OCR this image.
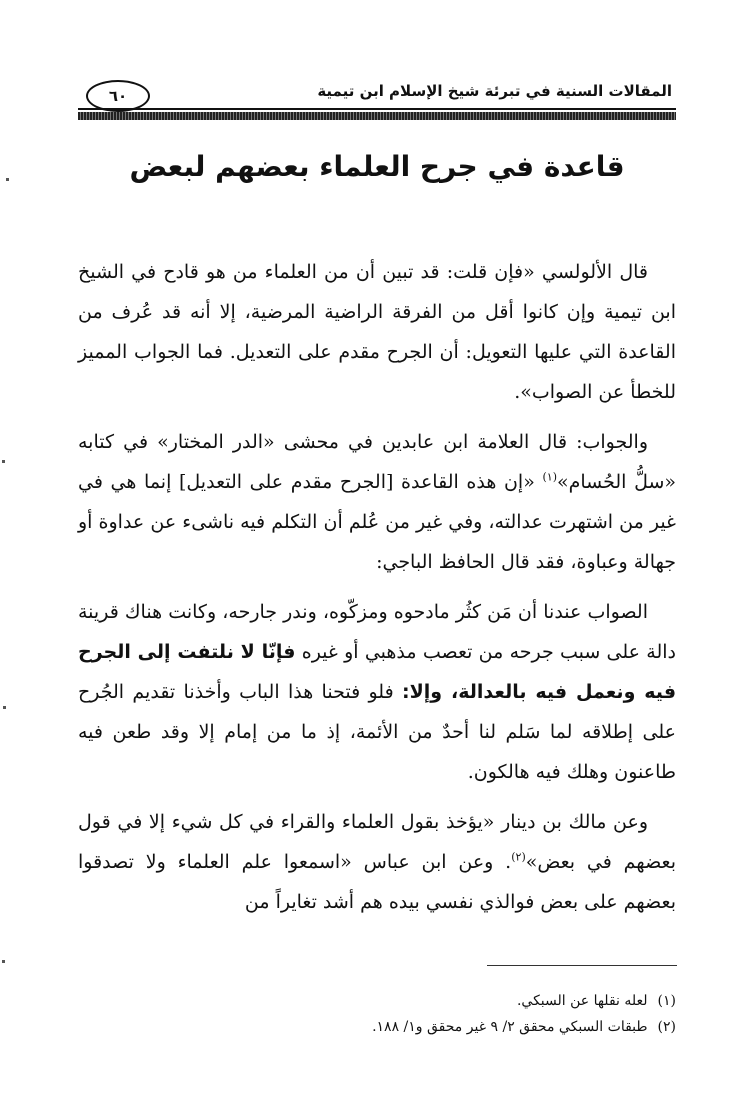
المقالات السنية في تبرئة شيخ الإسلام ابن تيمية
٦٠
قاعدة في جرح العلماء بعضهم لبعض

قال الألولسي «فإن قلت: قد تبين أن من العلماء من هو قادح في الشيخ ابن تيمية وإن كانوا أقل من الفرقة الراضية المرضية، إلا أنه قد عُرف من القاعدة التي عليها التعويل: أن الجرح مقدم على التعديل. فما الجواب المميز للخطأ عن الصواب».

والجواب: قال العلامة ابن عابدين في محشى «الدر المختار» في كتابه «سلُّ الحُسام»$^{(١)}$ «إن هذه القاعدة [الجرح مقدم على التعديل] إنما هي في غير من اشتهرت عدالته، وفي غير من عُلم أن التكلم فيه ناشىء عن عداوة أو جهالة وعباوة، فقد قال الحافظ الباجي:

الصواب عندنا أن مَن كثُر مادحوه ومزكّوه، وندر جارحه، وكانت هناك قرينة دالة على سبب جرحه من تعصب مذهبي أو غيره فإنّا لا نلتفت إلى الجرح فيه ونعمل فيه بالعدالة، وإلا: فلو فتحنا هذا الباب وأخذنا تقديم الجُرح على إطلاقه لما سَلم لنا أحدٌ من الأئمة، إذ ما من إمام إلا وقد طعن فيه طاعنون وهلك فيه هالكون.

وعن مالك بن دينار «يؤخذ بقول العلماء والقراء في كل شيء إلا في قول بعضهم في بعض»$^{(٢)}$. وعن ابن عباس «اسمعوا علم العلماء ولا تصدقوا بعضهم على بعض فوالذي نفسي بيده هم أشد تغايراً من

(١)
لعله نقلها عن السبكي.
(٢)
طبقات السبكي محقق ٢/ ٩ غير محقق و١/ ١٨٨.
